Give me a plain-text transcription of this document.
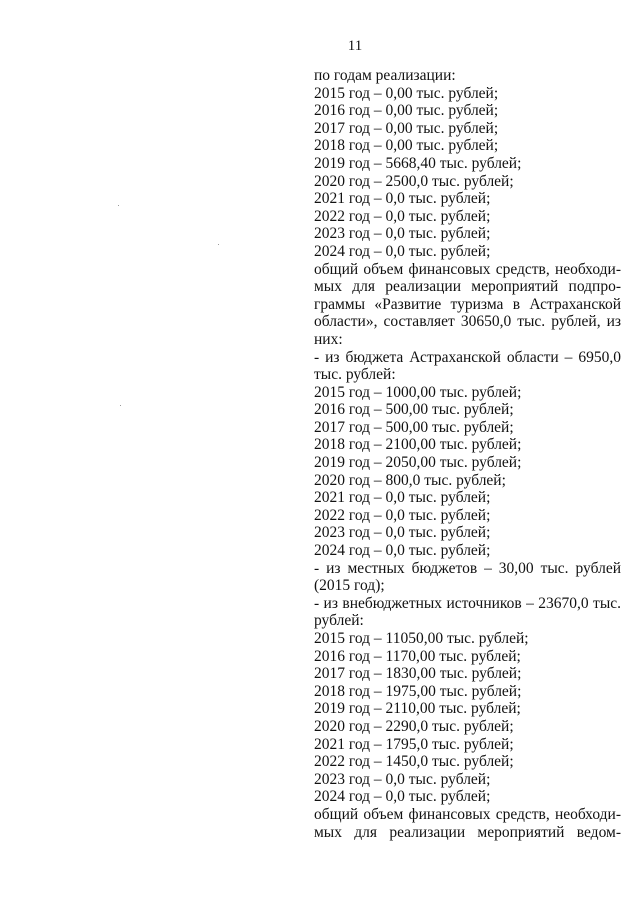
11
по годам реализации:
2015 год – 0,00 тыс. рублей;
2016 год – 0,00 тыс. рублей;
2017 год – 0,00 тыс. рублей;
2018 год – 0,00 тыс. рублей;
2019 год – 5668,40 тыс. рублей;
2020 год – 2500,0 тыс. рублей;
2021 год – 0,0 тыс. рублей;
2022 год – 0,0 тыс. рублей;
2023 год – 0,0 тыс. рублей;
2024 год – 0,0 тыс. рублей;
общий объем финансовых средств, необходи-
мых для реализации мероприятий подпро-
граммы «Развитие туризма в Астраханской
области», составляет 30650,0 тыс. рублей, из
них:
- из бюджета Астраханской области – 6950,0
тыс. рублей:
2015 год – 1000,00 тыс. рублей;
2016 год – 500,00 тыс. рублей;
2017 год – 500,00 тыс. рублей;
2018 год – 2100,00 тыс. рублей;
2019 год – 2050,00 тыс. рублей;
2020 год – 800,0 тыс. рублей;
2021 год – 0,0 тыс. рублей;
2022 год – 0,0 тыс. рублей;
2023 год – 0,0 тыс. рублей;
2024 год – 0,0 тыс. рублей;
- из местных бюджетов – 30,00 тыс. рублей
(2015 год);
- из внебюджетных источников – 23670,0 тыс.
рублей:
2015 год – 11050,00 тыс. рублей;
2016 год – 1170,00 тыс. рублей;
2017 год – 1830,00 тыс. рублей;
2018 год – 1975,00 тыс. рублей;
2019 год – 2110,00 тыс. рублей;
2020 год – 2290,0 тыс. рублей;
2021 год – 1795,0 тыс. рублей;
2022 год – 1450,0 тыс. рублей;
2023 год – 0,0 тыс. рублей;
2024 год – 0,0 тыс. рублей;
общий объем финансовых средств, необходи-
мых для реализации мероприятий ведом-
